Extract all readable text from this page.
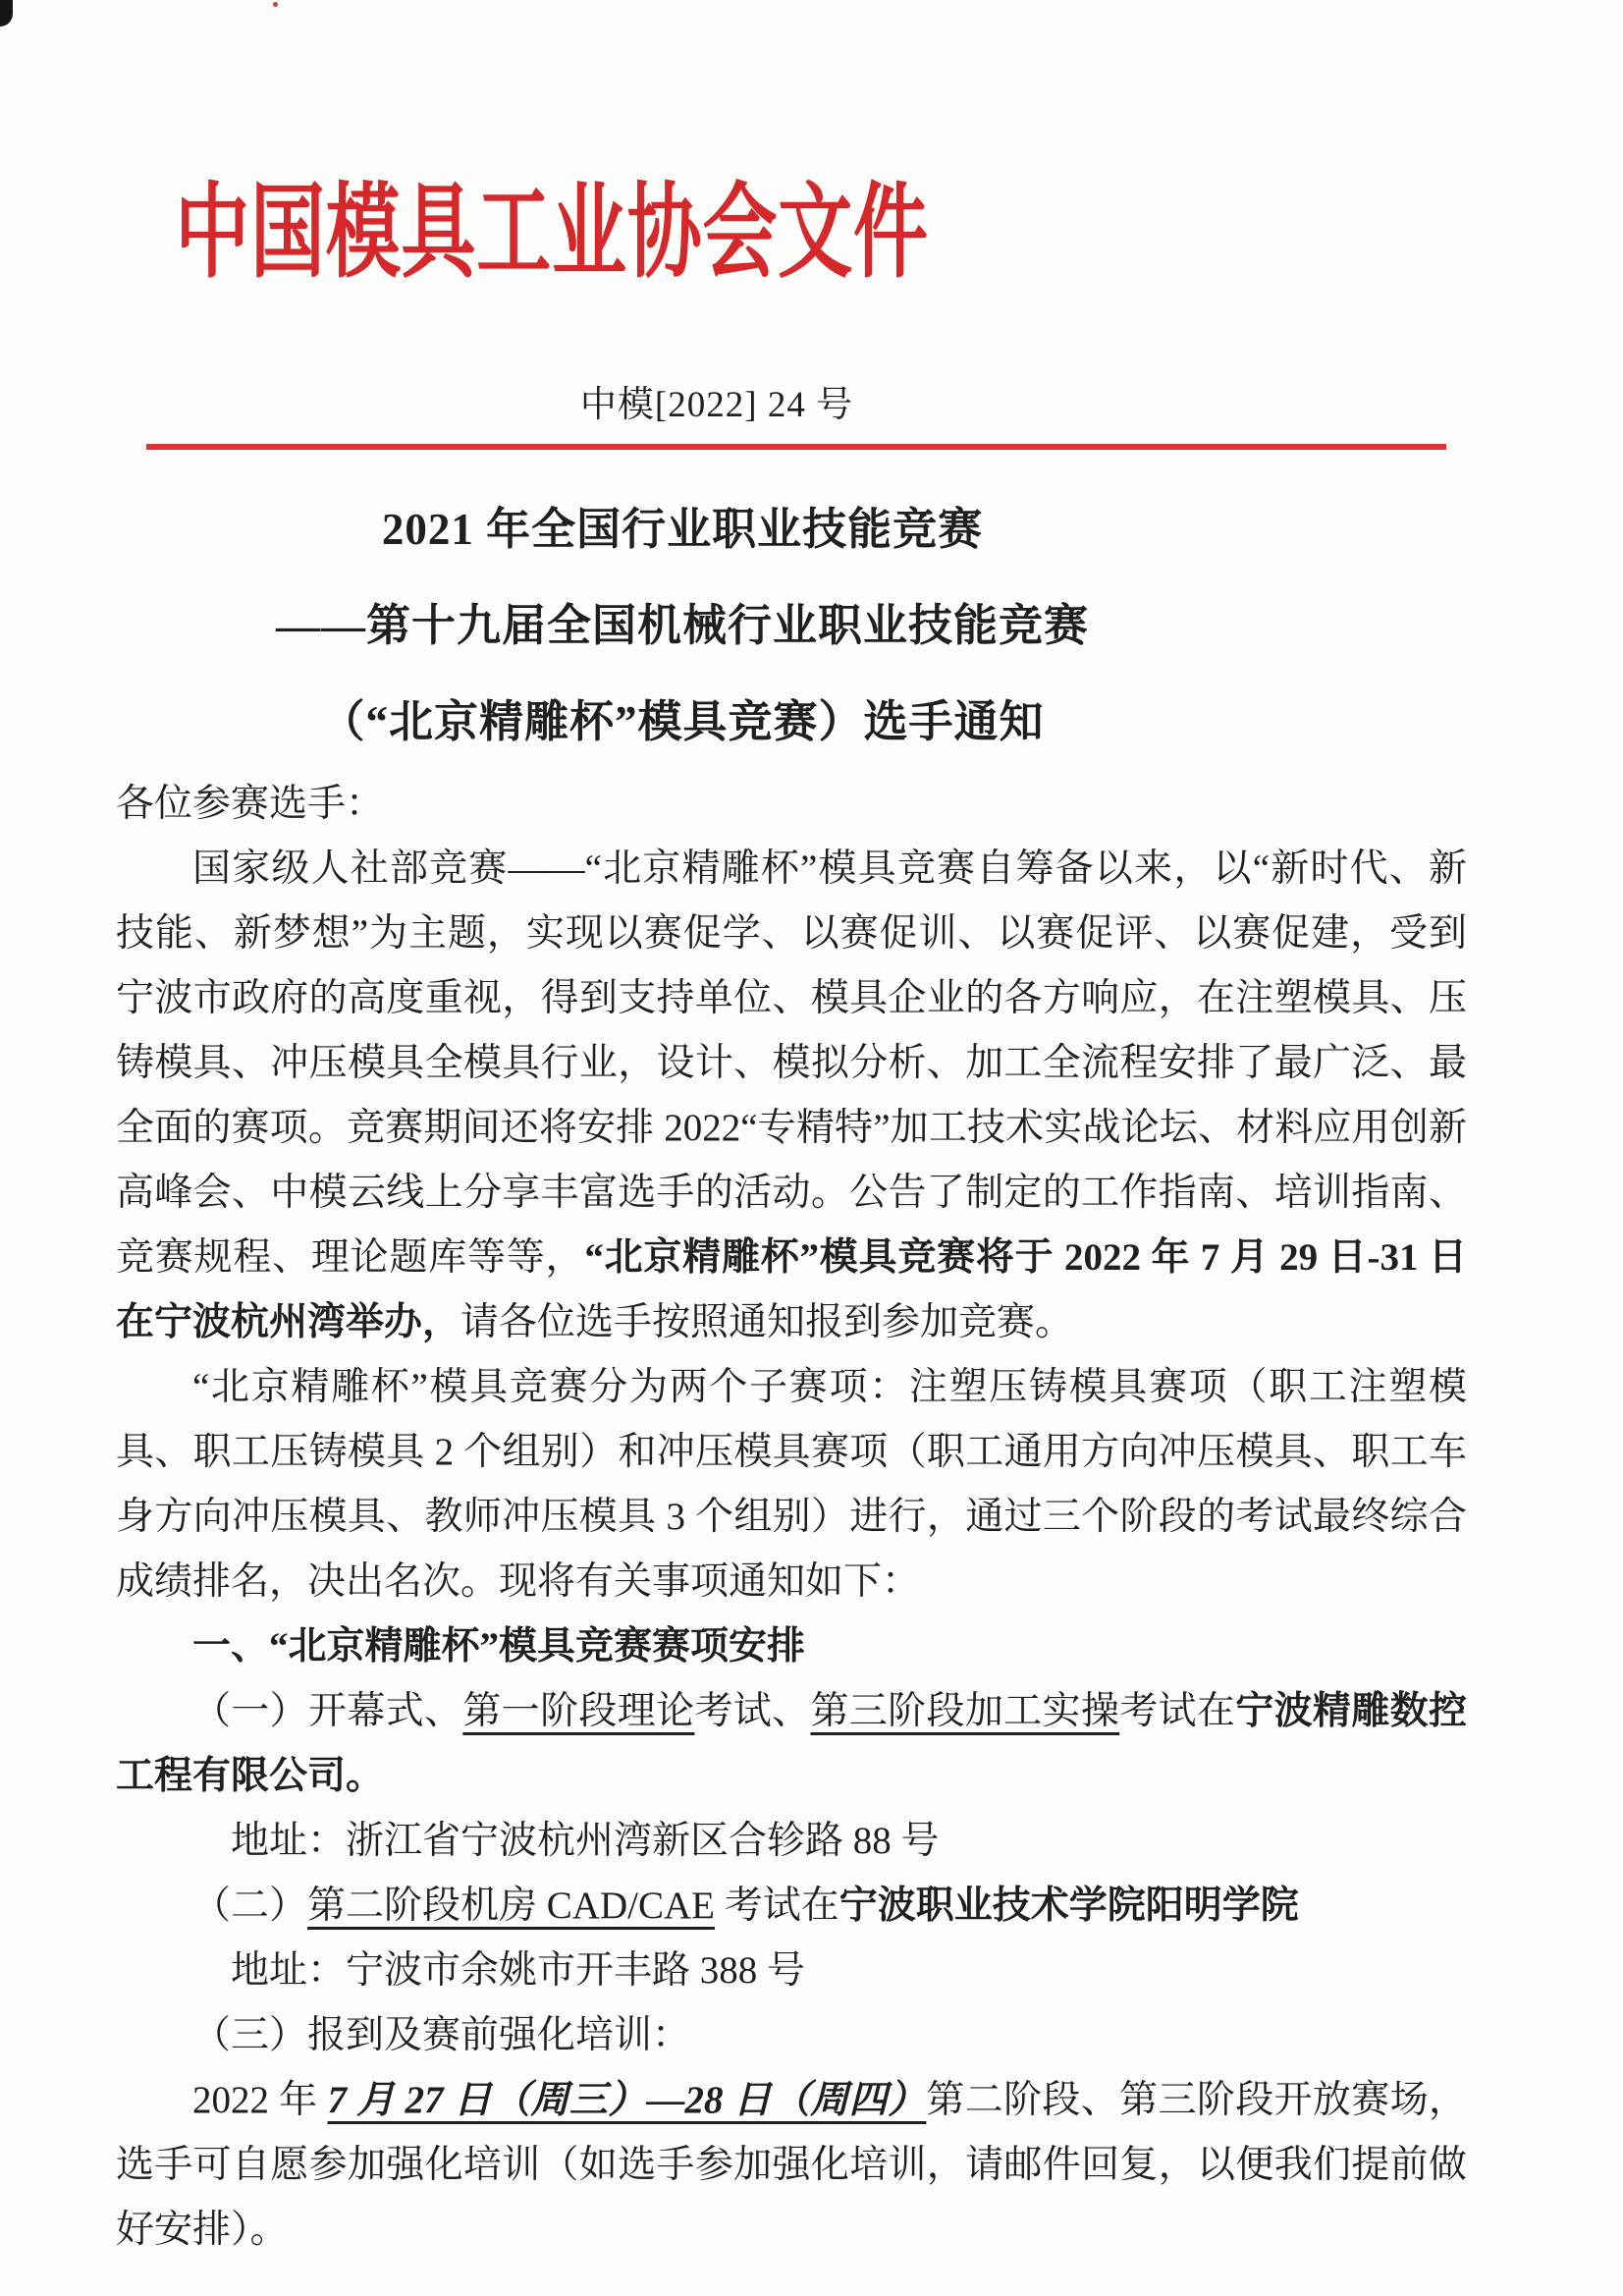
中国模具工业协会文件
中模[2022] 24 号
2021 年全国行业职业技能竞赛
——第十九届全国机械行业职业技能竞赛
（“北京精雕杯”模具竞赛）选手通知

各位参赛选手：

国家级人社部竞赛——“北京精雕杯”模具竞赛自筹备以来，以“新时代、新技能、新梦想”为主题，实现以赛促学、以赛促训、以赛促评、以赛促建，受到宁波市政府的高度重视，得到支持单位、模具企业的各方响应，在注塑模具、压铸模具、冲压模具全模具行业，设计、模拟分析、加工全流程安排了最广泛、最全面的赛项。竞赛期间还将安排 2022“专精特”加工技术实战论坛、材料应用创新高峰会、中模云线上分享丰富选手的活动。公告了制定的工作指南、培训指南、竞赛规程、理论题库等等，“北京精雕杯”模具竞赛将于 2022 年 7 月 29 日-31 日在宁波杭州湾举办，请各位选手按照通知报到参加竞赛。

“北京精雕杯”模具竞赛分为两个子赛项：注塑压铸模具赛项（职工注塑模具、职工压铸模具 2 个组别）和冲压模具赛项（职工通用方向冲压模具、职工车身方向冲压模具、教师冲压模具 3 个组别）进行，通过三个阶段的考试最终综合成绩排名，决出名次。现将有关事项通知如下：

一、“北京精雕杯”模具竞赛赛项安排

（一）开幕式、第一阶段理论考试、第三阶段加工实操考试在宁波精雕数控工程有限公司。

地址：浙江省宁波杭州湾新区合轸路 88 号

（二）第二阶段机房 CAD/CAE 考试在宁波职业技术学院阳明学院

地址：宁波市余姚市开丰路 388 号

（三）报到及赛前强化培训：

2022 年 7 月 27 日（周三）—28 日（周四）第二阶段、第三阶段开放赛场，选手可自愿参加强化培训（如选手参加强化培训，请邮件回复，以便我们提前做好安排）。
